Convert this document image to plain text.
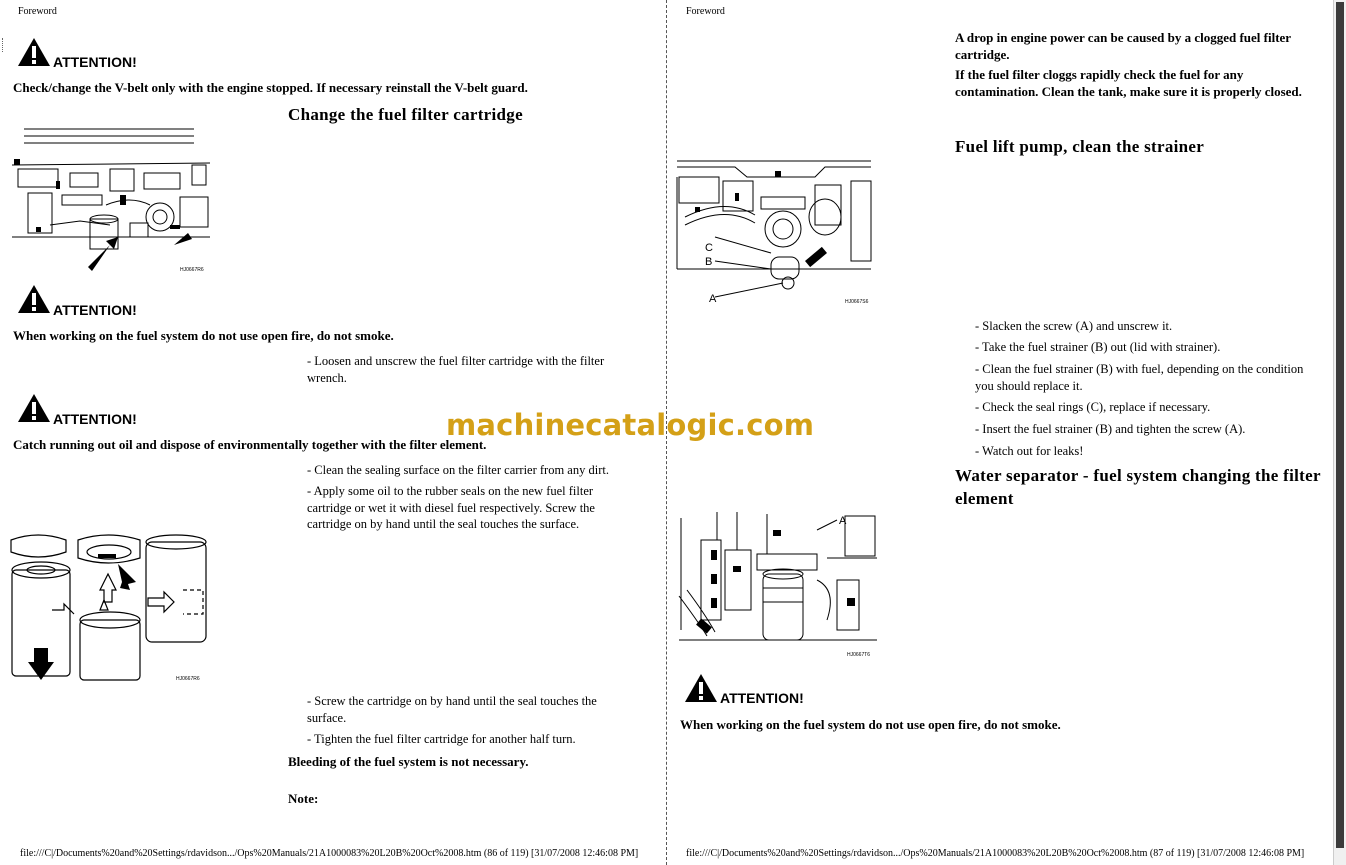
Foreword
ATTENTION!
Check/change the V-belt only with the engine stopped. If necessary reinstall the V-belt guard.
Change the fuel filter cartridge
HJ0667R6
ATTENTION!
When working on the fuel system do not use open fire, do not smoke.
- Loosen and unscrew the fuel filter cartridge with the filter wrench.
ATTENTION!
Catch running out oil and dispose of environmentally together with the filter element.
- Clean the sealing surface on the filter carrier from any dirt.
- Apply some oil to the rubber seals on the new fuel filter cartridge or wet it with diesel fuel respectively. Screw the cartridge on by hand until the seal touches the surface.
HJ0667R6
- Screw the cartridge on by hand until the seal touches the surface.
- Tighten the fuel filter cartridge for another half turn.
Bleeding of the fuel system is not necessary.
Note:
file:///C|/Documents%20and%20Settings/rdavidson.../Ops%20Manuals/21A1000083%20L20B%20Oct%2008.htm (86 of 119) [31/07/2008 12:46:08 PM]
Foreword
A drop in engine power can be caused by a clogged fuel filter cartridge.
If the fuel filter cloggs rapidly check the fuel for any contamination. Clean the tank, make sure it is properly closed.
Fuel lift pump, clean the strainer
C
B
A	HJ0667S6
- Slacken the screw (A) and unscrew it.
- Take the fuel strainer (B) out (lid with strainer).
- Clean the fuel strainer (B) with fuel, depending on the condition you should replace it.
- Check the seal rings (C), replace if necessary.
- Insert the fuel strainer (B) and tighten the screw (A).
- Watch out for leaks!
Water separator - fuel system changing the filter element
A
HJ0667T6
ATTENTION!
When working on the fuel system do not use open fire, do not smoke.
file:///C|/Documents%20and%20Settings/rdavidson.../Ops%20Manuals/21A1000083%20L20B%20Oct%2008.htm (87 of 119) [31/07/2008 12:46:08 PM]
machinecatalogic.com
